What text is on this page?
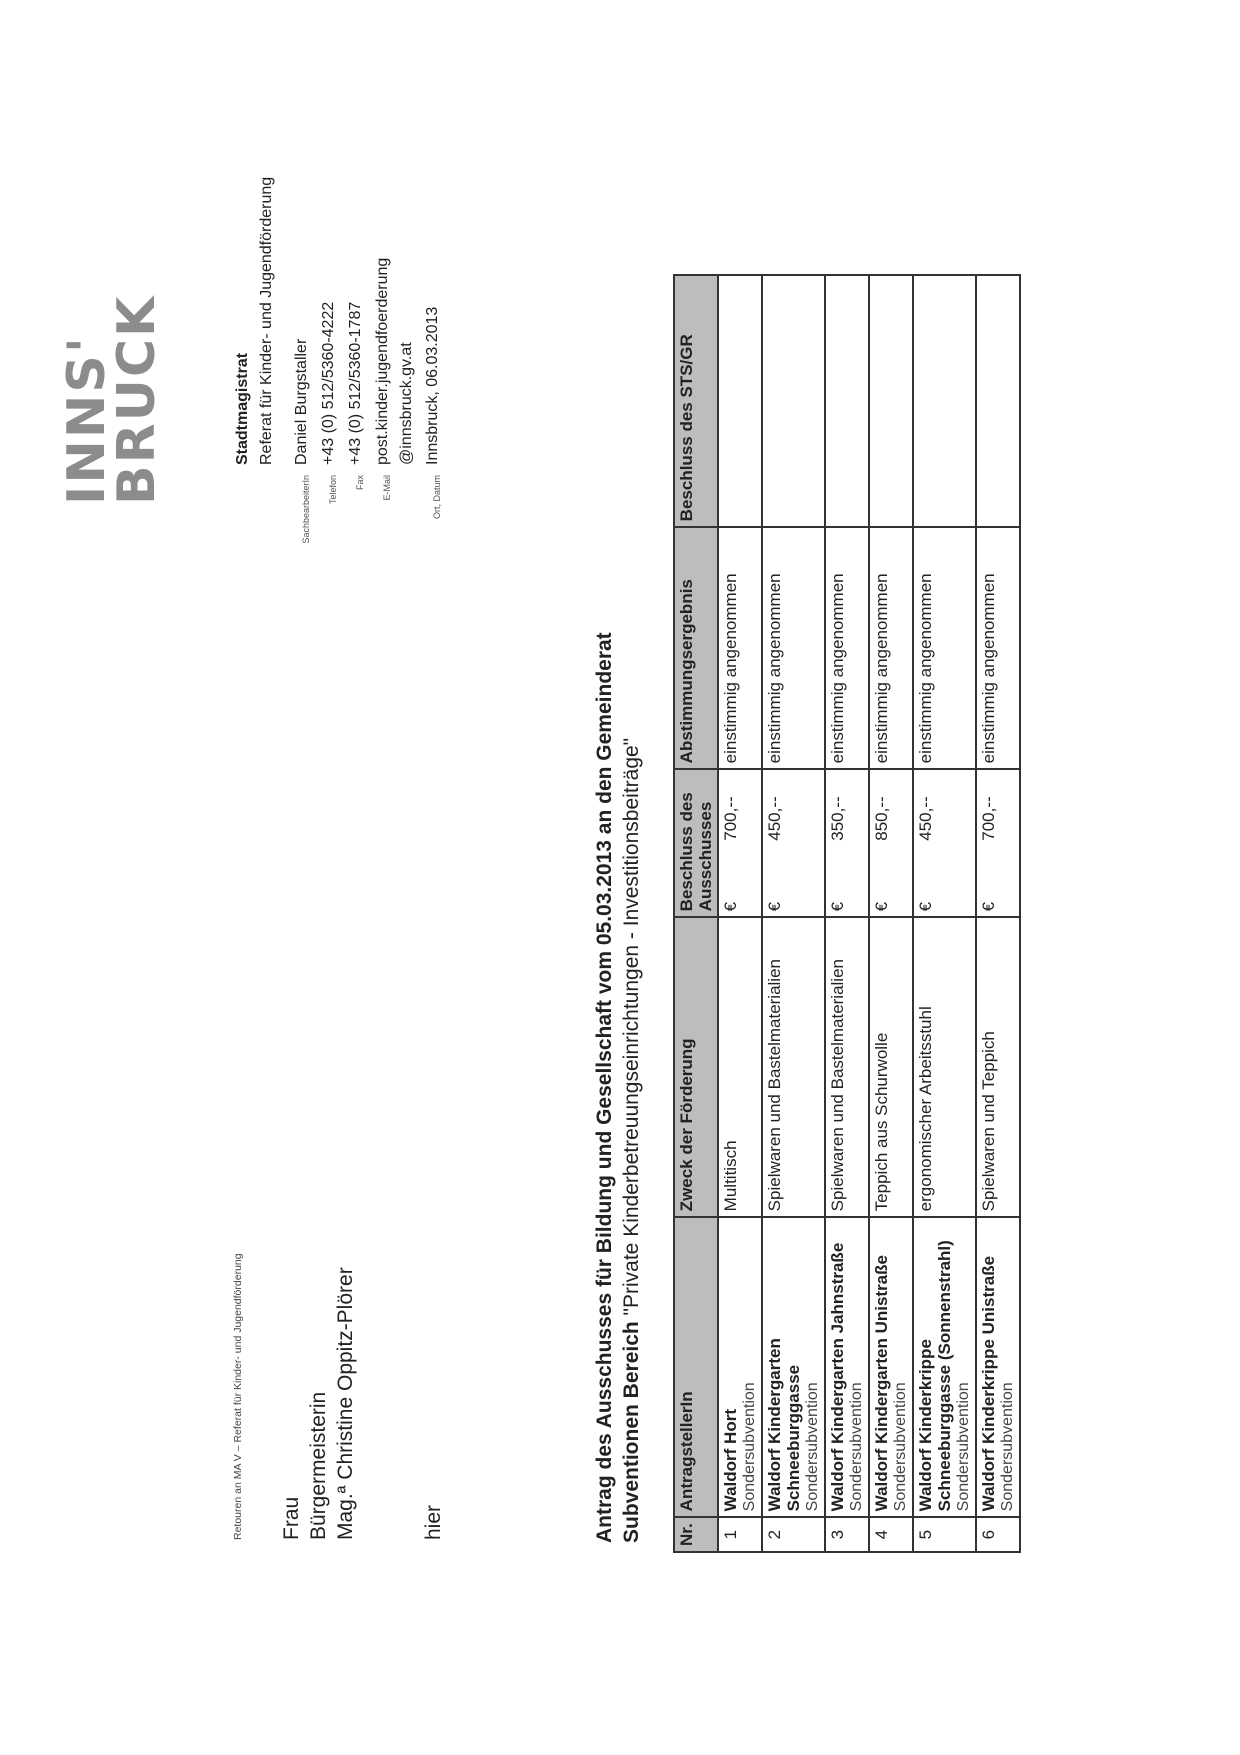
Retouren an MA V – Referat für Kinder- und Jugendförderung Frau Bürgermeisterin Mag.ª Christine Oppitz-Plörer	hier
INNS'
BRUCK	Stadtmagistrat Referat für Kinder- und Jugendförderung
SachbearbeiterIn
Daniel Burgstaller
Telefon
+43 (0) 512/5360-4222
Fax
+43 (0) 512/5360-1787
E-Mail
post.kinder.jugendfoerderung @innsbruck.gv.at
Ort, Datum
Innsbruck, 06.03.2013
Antrag des Ausschusses für Bildung und Gesellschaft vom 05.03.2013 an den Gemeinderat Subventionen Bereich "Private Kinderbetreuungseinrichtungen - Investitionsbeiträge"
Nr.	AntragstellerIn	Zweck der Förderung	Beschluss des Ausschusses	Abstimmungsergebnis	Beschluss des STS/GR
1	Waldorf Hort Sondersubvention	Multitisch	€700,--	einstimmig angenommen	
2	Waldorf Kindergarten Schneeburggasse Sondersubvention	Spielwaren und Bastelmaterialien	€450,--	einstimmig angenommen	
3	Waldorf Kindergarten Jahnstraße Sondersubvention	Spielwaren und Bastelmaterialien	€350,--	einstimmig angenommen	
4	Waldorf Kindergarten Unistraße Sondersubvention	Teppich aus Schurwolle	€850,--	einstimmig angenommen	
5	Waldorf Kinderkrippe Schneeburggasse (Sonnenstrahl) Sondersubvention	ergonomischer Arbeitsstuhl	€450,--	einstimmig angenommen	
6	Waldorf Kinderkrippe Unistraße Sondersubvention	Spielwaren und Teppich	€700,--	einstimmig angenommen	
